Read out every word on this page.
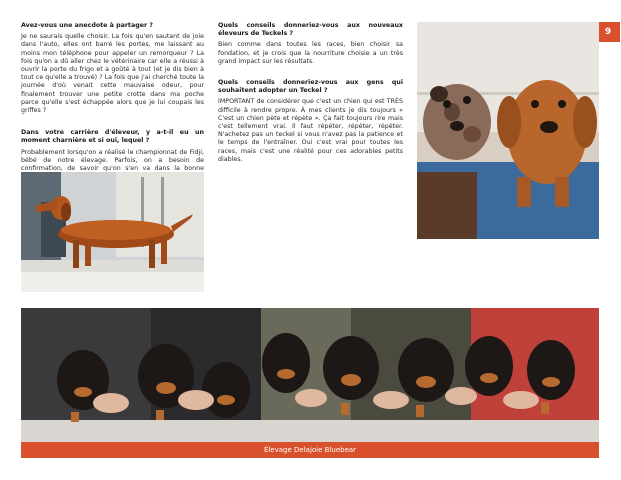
Avez-vous une anecdote à partager ?

Je ne saurais quelle choisir. La fois qu'en sautant de joie dans l'auto, elles ont barré les portes, me laissant au moins mon téléphone pour appeler un remorqueur ? La fois qu'on a dû aller chez le vétérinaire car elle a réussi à ouvrir la porte du frigo et a goûté à tout (et je dis bien à tout ce qu'elle a trouvé) ? La fois que j'ai cherché toute la journée d'où venait cette mauvaise odeur, pour finalement trouver une petite crotte dans ma poche parce qu'elle s'est échappée alors que je lui coupais les griffes ?

Dans votre carrière d'éleveur, y a-t-il eu un moment charnière et si oui, lequel ?

Probablement lorsqu'on a réalisé le championnat de Fidji, bébé de notre élevage. Parfois, on a besoin de confirmation, de savoir qu'on s'en va dans la bonne

Quels conseils donneriez-vous aux nouveaux éleveurs de Teckels ?

Bien comme dans toutes les races, bien choisir sa fondation, et je crois que la nourriture choisie a un très grand impact sur les résultats.

Quels conseils donneriez-vous aux gens qui souhaitent adopter un Teckel ?

IMPORTANT de considérer que c'est un chien qui est TRÈS difficile à rendre propre. À mes clients je dis toujours « C'est un chien pète et répète ». Ça fait toujours rire mais c'est tellement vrai. Il faut répéter, répéter, répéter. N'achetez pas un teckel si vous n'avez pas la patience et le temps de l'entraîner. Oui c'est vrai pour toutes les races, mais c'est une réalité pour ces adorables petits diables.

9
Élevage Delajoie Bluebear
